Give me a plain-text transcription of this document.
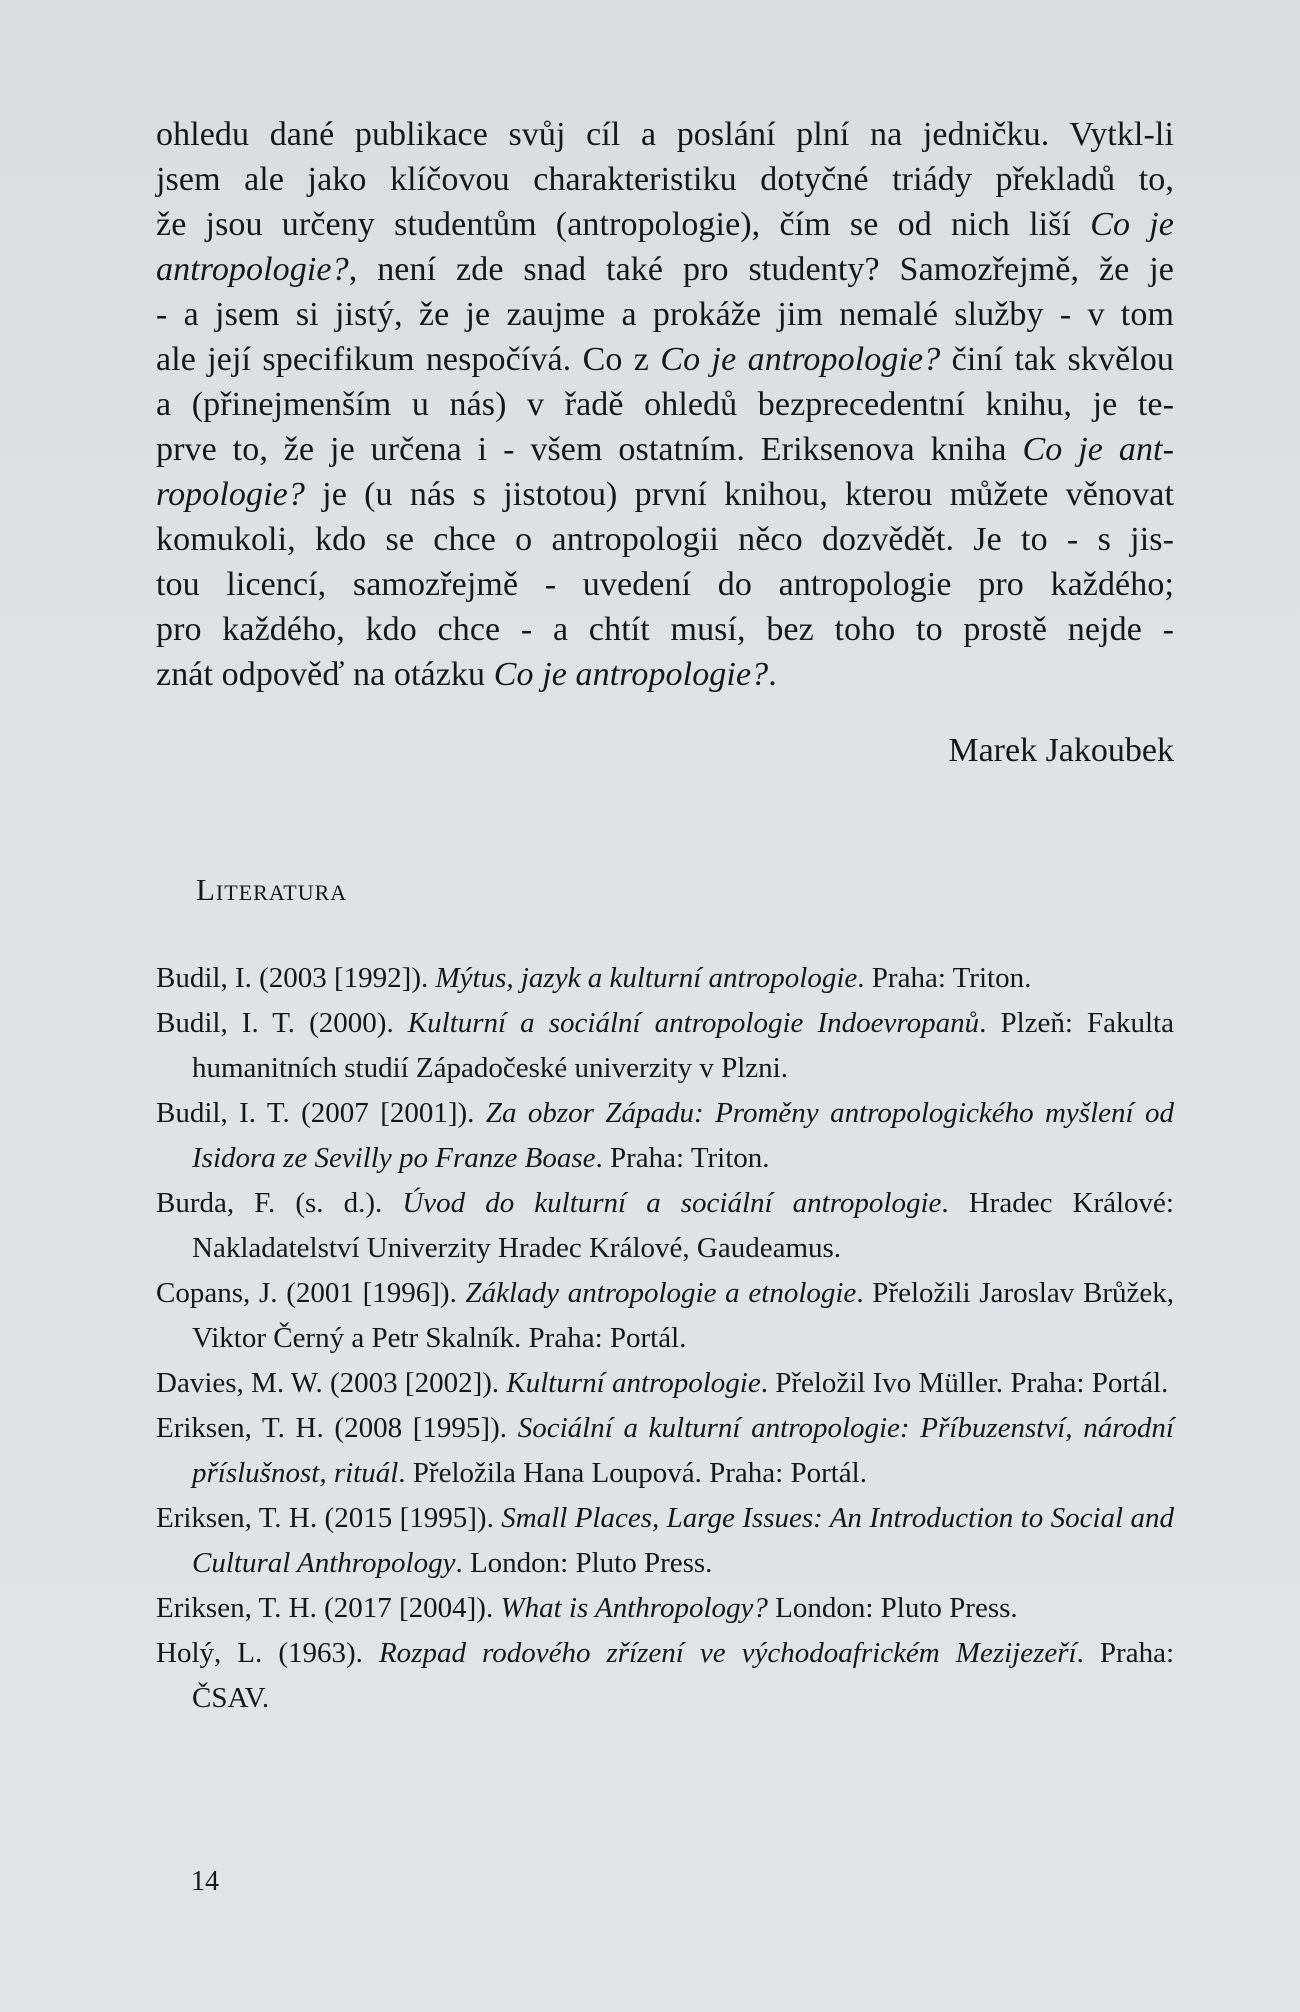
ohledu dané publikace svůj cíl a poslání plní na jedničku. Vytkl-li
jsem ale jako klíčovou charakteristiku dotyčné triády překladů to,
že jsou určeny studentům (antropologie), čím se od nich liší Co je
antropologie?, není zde snad také pro studenty? Samozřejmě, že je
- a jsem si jistý, že je zaujme a prokáže jim nemalé služby - v tom
ale její specifikum nespočívá. Co z Co je antropologie? činí tak skvělou
a (přinejmenším u nás) v řadě ohledů bezprecedentní knihu, je te-
prve to, že je určena i - všem ostatním. Eriksenova kniha Co je ant-
ropologie? je (u nás s jistotou) první knihou, kterou můžete věnovat
komukoli, kdo se chce o antropologii něco dozvědět. Je to - s jis-
tou licencí, samozřejmě - uvedení do antropologie pro každého;
pro každého, kdo chce - a chtít musí, bez toho to prostě nejde -
znát odpověď na otázku Co je antropologie?.
Marek Jakoubek
Literatura

Budil, I. (2003 [1992]). Mýtus, jazyk a kulturní antropologie. Praha: Triton.

Budil, I. T. (2000). Kulturní a sociální antropologie Indoevropanů. Plzeň: Fakulta humanitních studií Západočeské univerzity v Plzni.

Budil, I. T. (2007 [2001]). Za obzor Západu: Proměny antropologického myšlení od Isidora ze Sevilly po Franze Boase. Praha: Triton.

Burda, F. (s. d.). Úvod do kulturní a sociální antropologie. Hradec Králové: Nakladatelství Univerzity Hradec Králové, Gaudeamus.

Copans, J. (2001 [1996]). Základy antropologie a etnologie. Přeložili Jaroslav Brůžek, Viktor Černý a Petr Skalník. Praha: Portál.

Davies, M. W. (2003 [2002]). Kulturní antropologie. Přeložil Ivo Müller. Praha: Portál.

Eriksen, T. H. (2008 [1995]). Sociální a kulturní antropologie: Příbuzenství, národní příslušnost, rituál. Přeložila Hana Loupová. Praha: Portál.

Eriksen, T. H. (2015 [1995]). Small Places, Large Issues: An Introduction to Social and Cultural Anthropology. London: Pluto Press.

Eriksen, T. H. (2017 [2004]). What is Anthropology? London: Pluto Press.

Holý, L. (1963). Rozpad rodového zřízení ve východoafrickém Mezijezeří. Praha: ČSAV.

14
